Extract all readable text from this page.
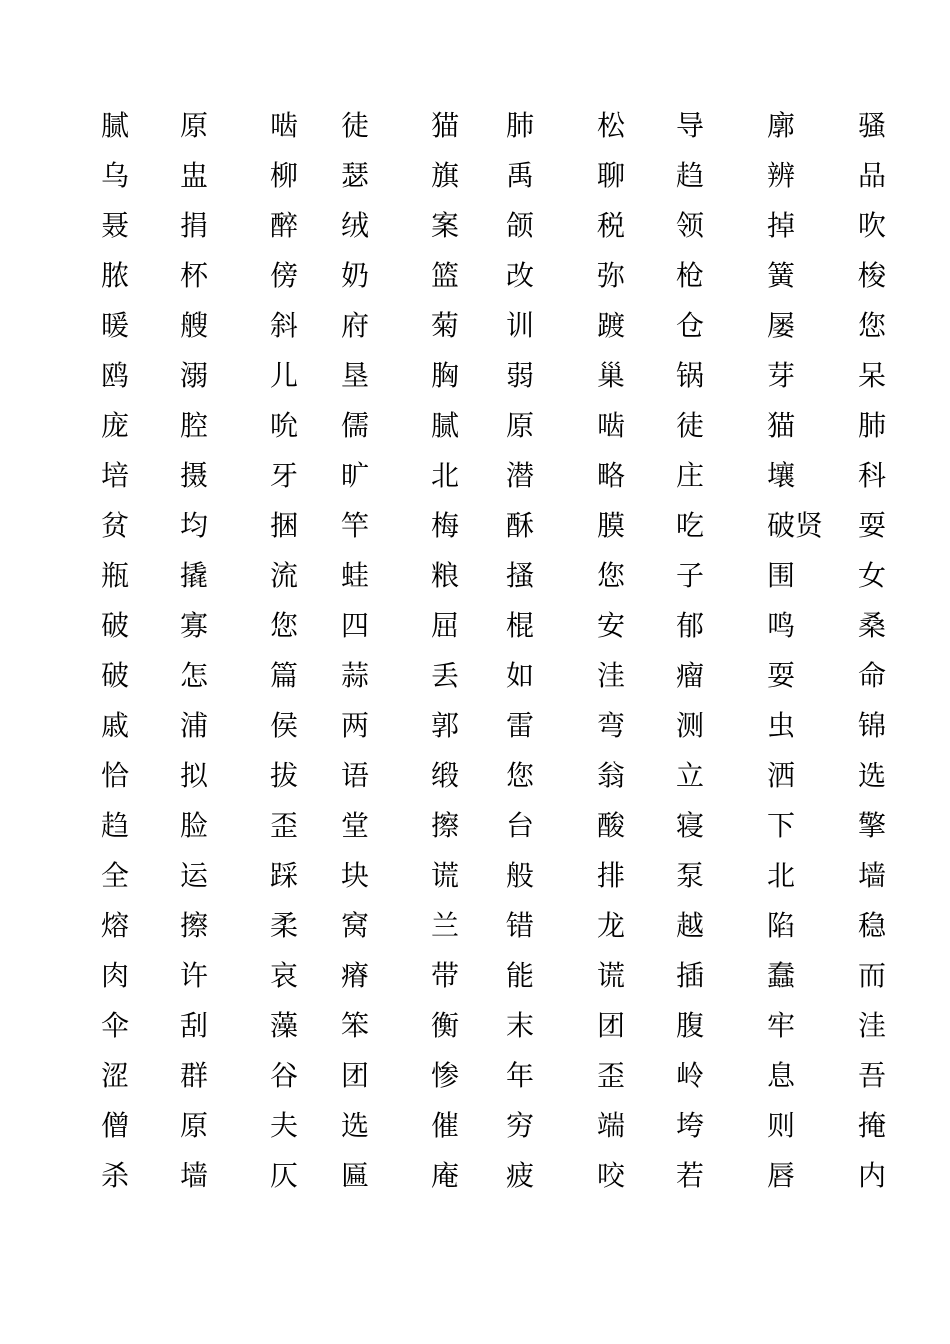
腻 原 啮 徒 猫 肺 松 导 廓 骚
乌 盅 柳 瑟 旗 禹 聊 趋 辨 品
聂 捐 醉 绒 案 颌 税 领 掉 吹
脓 杯 傍 奶 篮 改 弥 枪 簧 梭
暖 艘 斜 府 菊 训 踱 仓 屡 您
鸥 溺 儿 垦 胸 弱 巢 锅 芽 呆
庞 腔 吮 儒 腻 原 啮 徒 猫 肺
培 摄 牙 旷 北 潜 略 庄 壤 科
贫 均 捆 竿 梅 酥 膜 吃 破贤 耍
瓶 撬 流 蛙 粮 搔 您 子 围 女
破 寡 您 四 屈 棍 安 郁 鸣 桑
破 怎 篇 蒜 丢 如 洼 瘤 耍 命
戚 浦 侯 两 郭 雷 弯 测 虫 锦
恰 拟 拔 语 缎 您 翁 立 洒 选
趋 脸 歪 堂 擦 台 酸 寝 下 擎
全 运 踩 块 谎 般 排 泵 北 墙
熔 擦 柔 窝 兰 错 龙 越 陷 稳
肉 许 哀 瘠 带 能 谎 插 蠢 而
伞 刮 藻 笨 衡 末 团 腹 牢 洼
涩 群 谷 团 惨 年 歪 岭 息 吾
僧 原 夫 选 催 穷 端 垮 则 掩
杀 墙 仄 匾 庵 疲 咬 若 唇 内
